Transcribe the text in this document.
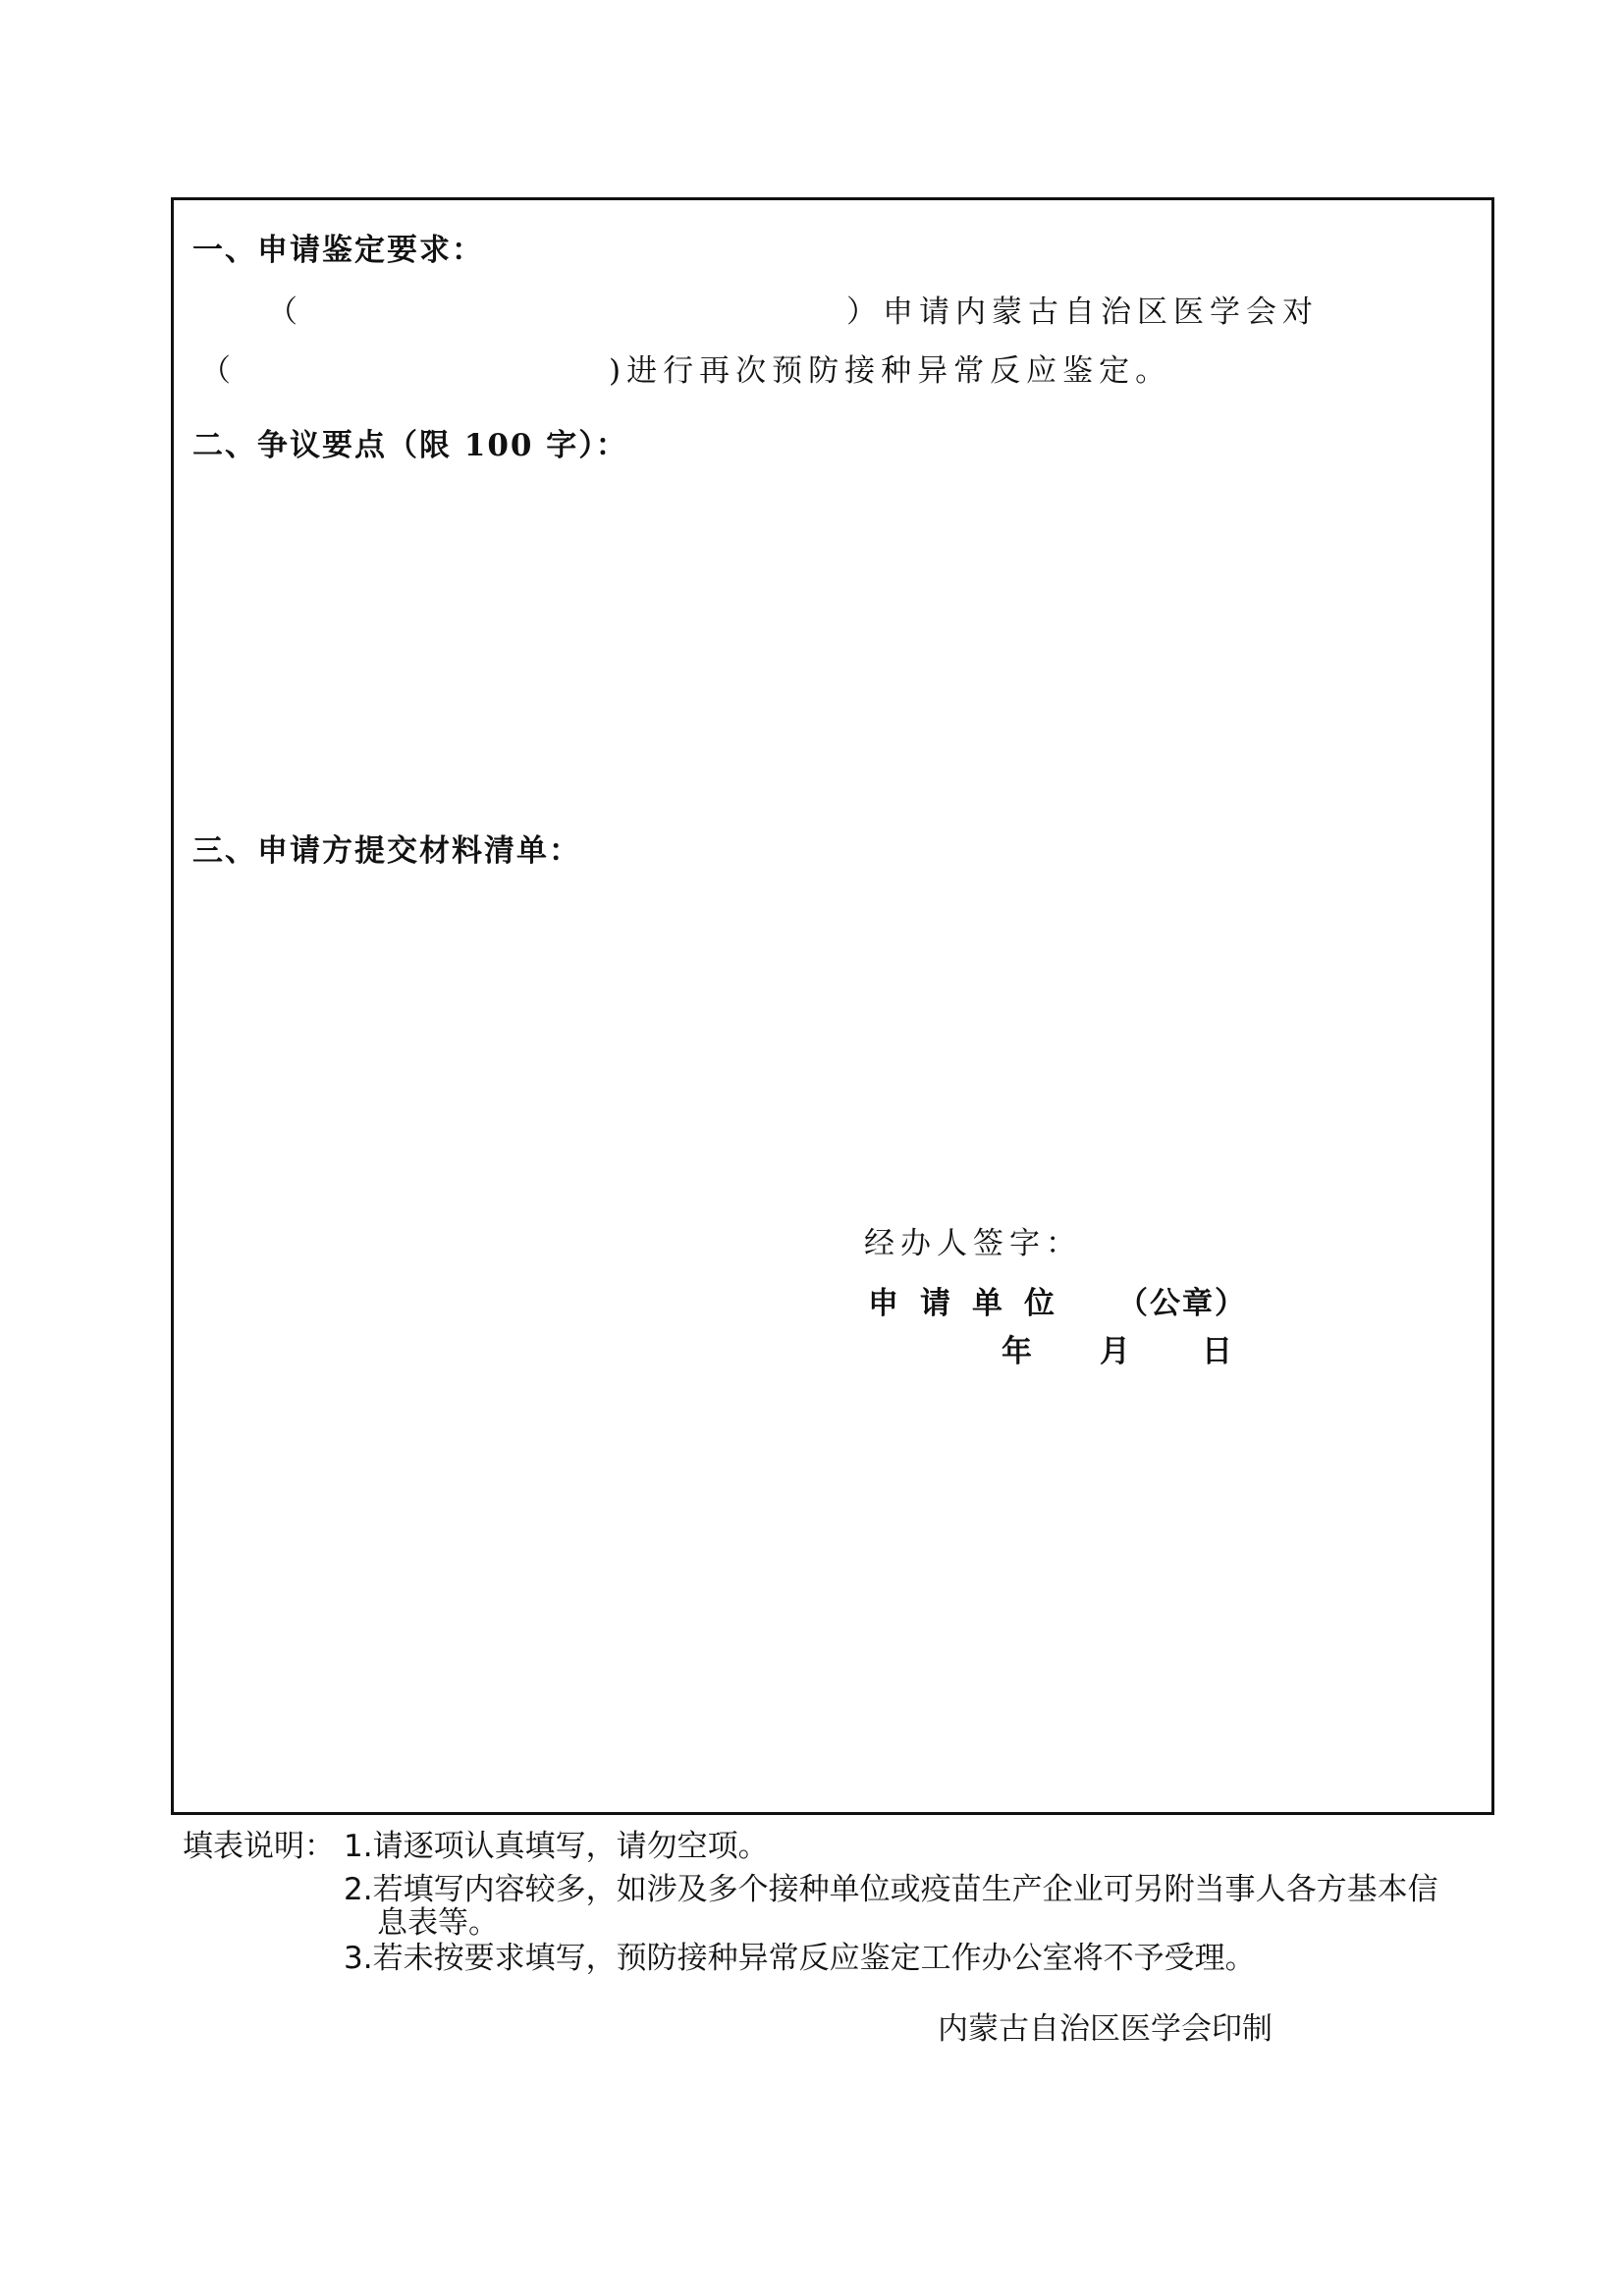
一、申请鉴定要求：
（	）申请内蒙古自治区医学会对
（	)进行再次预防接种异常反应鉴定。
二、争议要点（限 100 字）：
三、申请方提交材料清单：
经办人签字：
申请单位 （公章）
年 月 日
填表说明： 1.请逐项认真填写，请勿空项。
2.若填写内容较多，如涉及多个接种单位或疫苗生产企业可另附当事人各方基本信
息表等。
3.若未按要求填写，预防接种异常反应鉴定工作办公室将不予受理。
内蒙古自治区医学会印制
